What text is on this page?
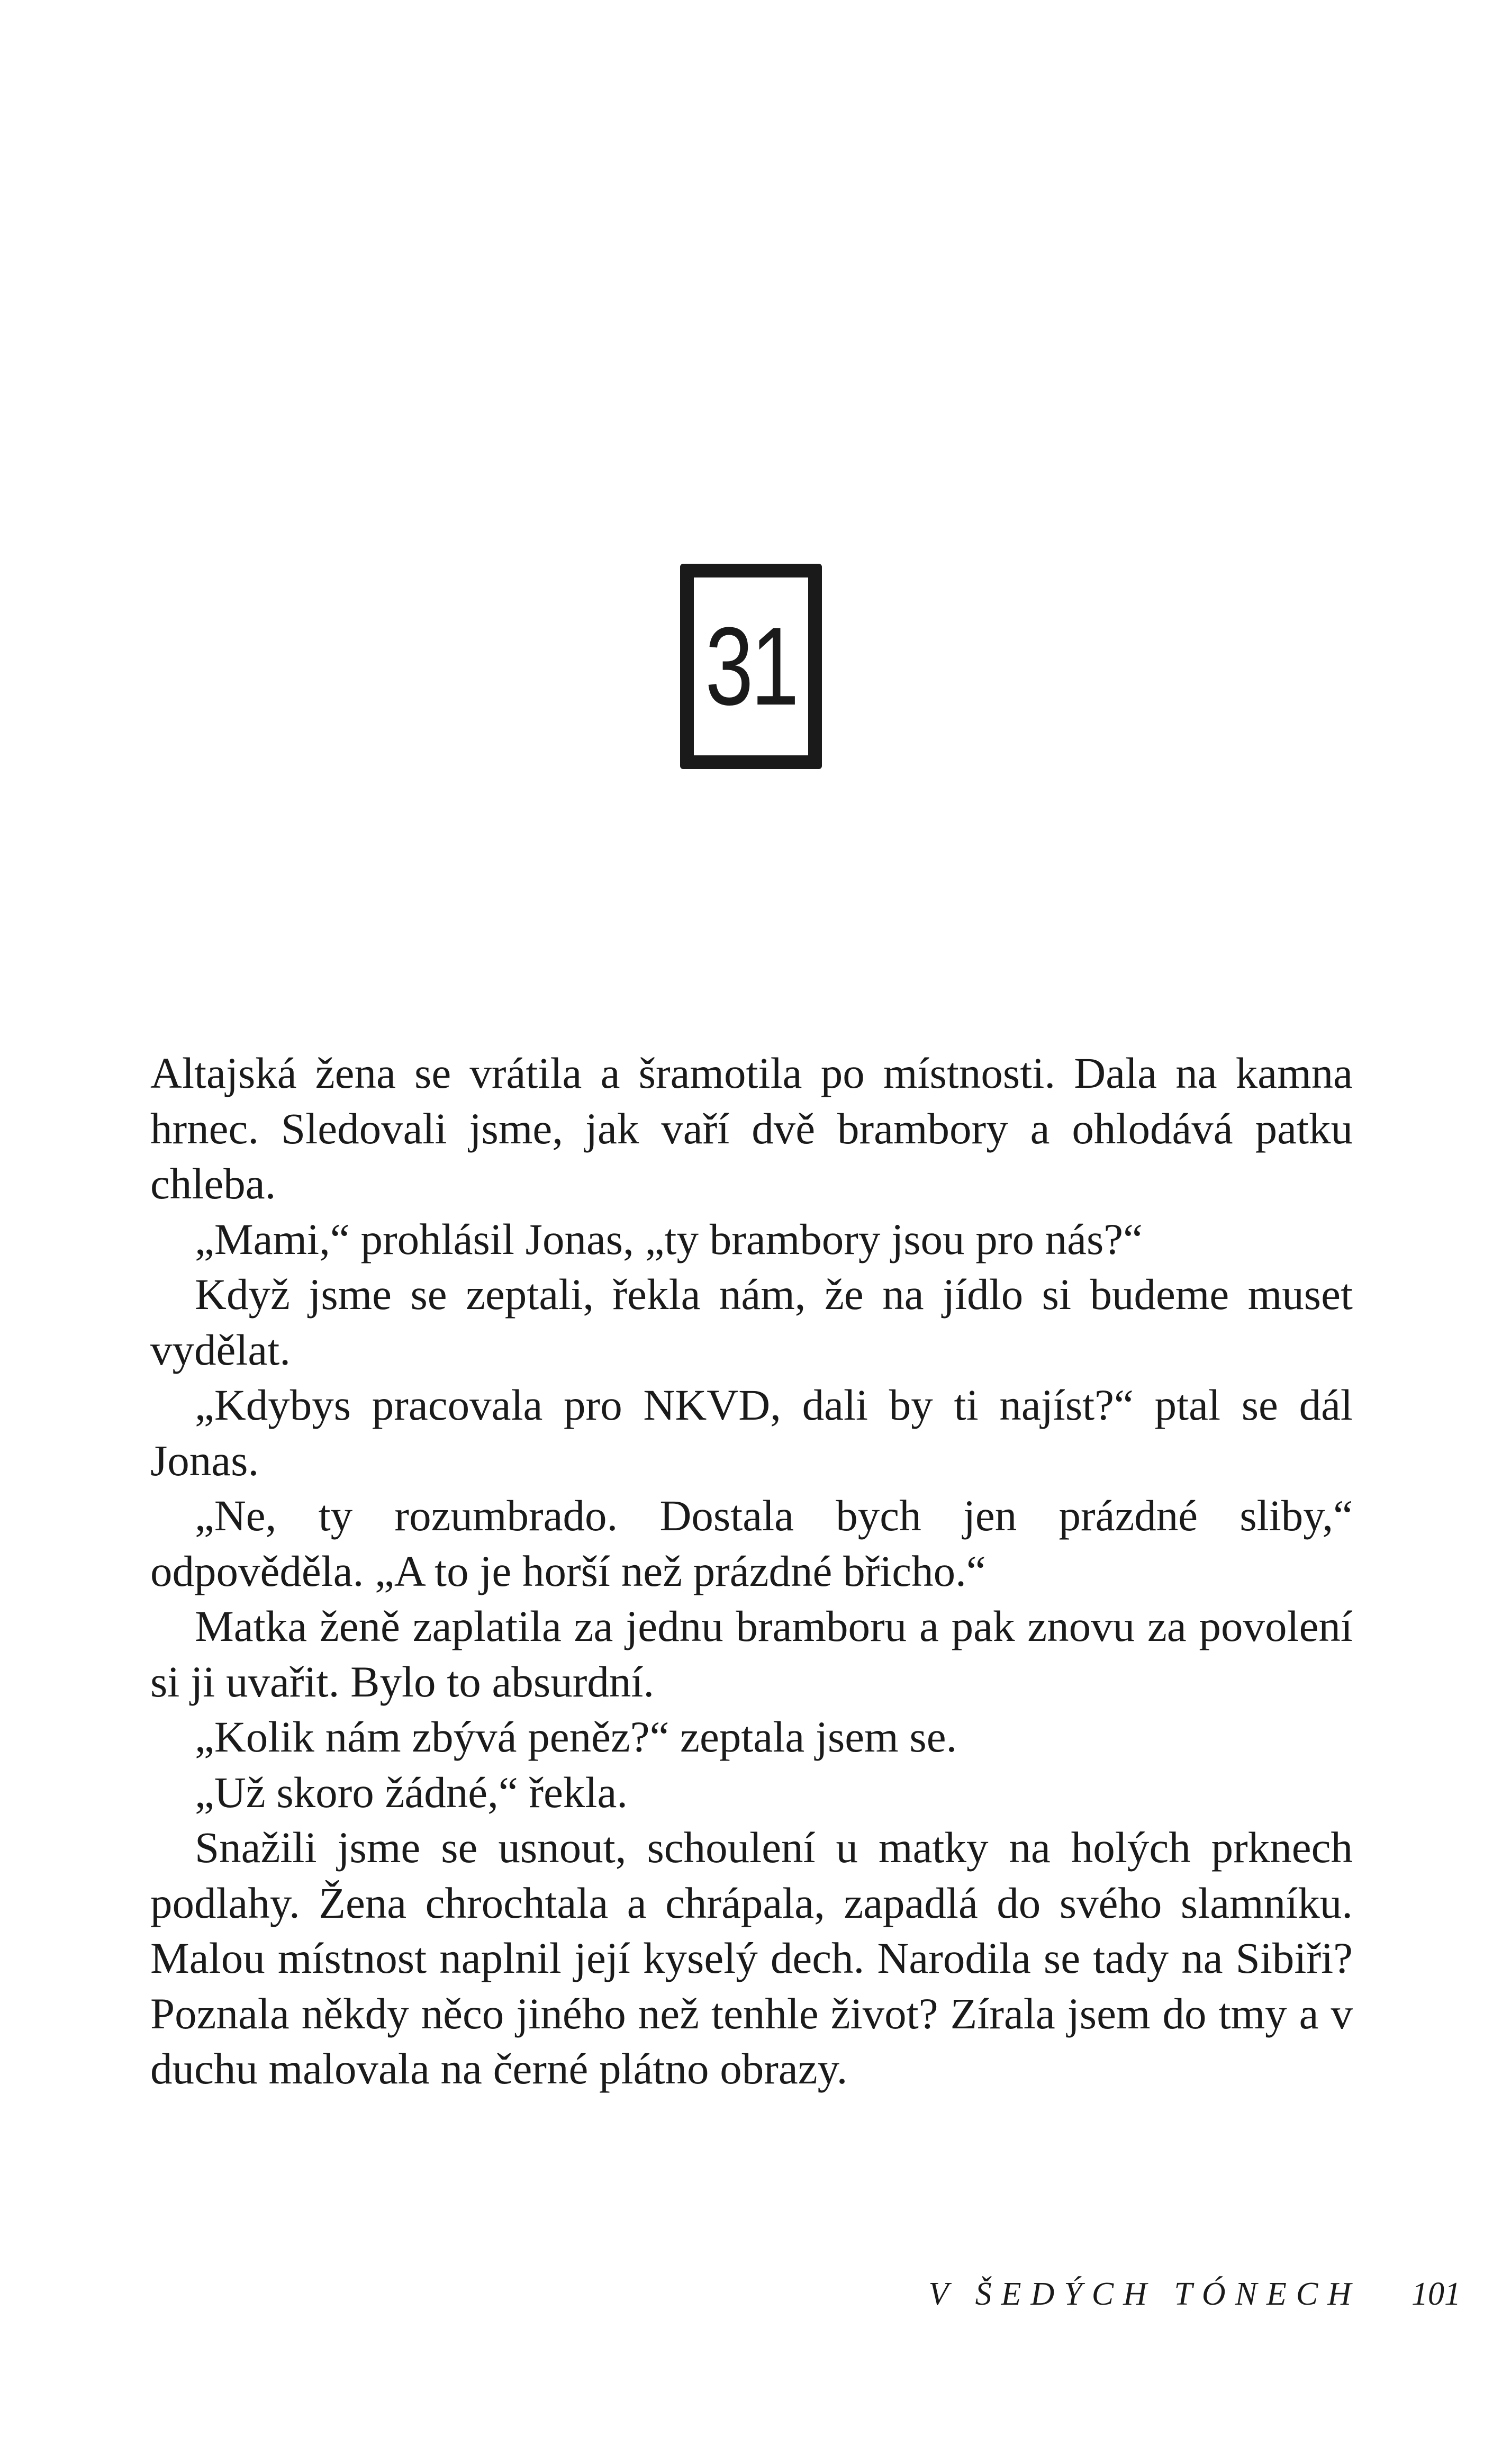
31

Altajská žena se vrátila a šramotila po místnosti. Dala na kamna hrnec. Sledovali jsme, jak vaří dvě brambory a ohlodává patku chleba.

„Mami,“ prohlásil Jonas, „ty brambory jsou pro nás?“

Když jsme se zeptali, řekla nám, že na jídlo si budeme muset vydělat.

„Kdybys pracovala pro NKVD, dali by ti najíst?“ ptal se dál Jonas.

„Ne, ty rozumbrado. Dostala bych jen prázdné sliby,“ odpověděla. „A to je horší než prázdné břicho.“

Matka ženě zaplatila za jednu bramboru a pak znovu za povolení si ji uvařit. Bylo to absurdní.

„Kolik nám zbývá peněz?“ zeptala jsem se.

„Už skoro žádné,“ řekla.

Snažili jsme se usnout, schoulení u matky na holých prknech podlahy. Žena chrochtala a chrápala, zapadlá do svého slamníku. Malou místnost naplnil její kyselý dech. Narodila se tady na Sibiři? Poznala někdy něco jiného než tenhle život? Zírala jsem do tmy a v duchu malovala na černé plátno obrazy.

V ŠEDÝCH TÓNECH 101
